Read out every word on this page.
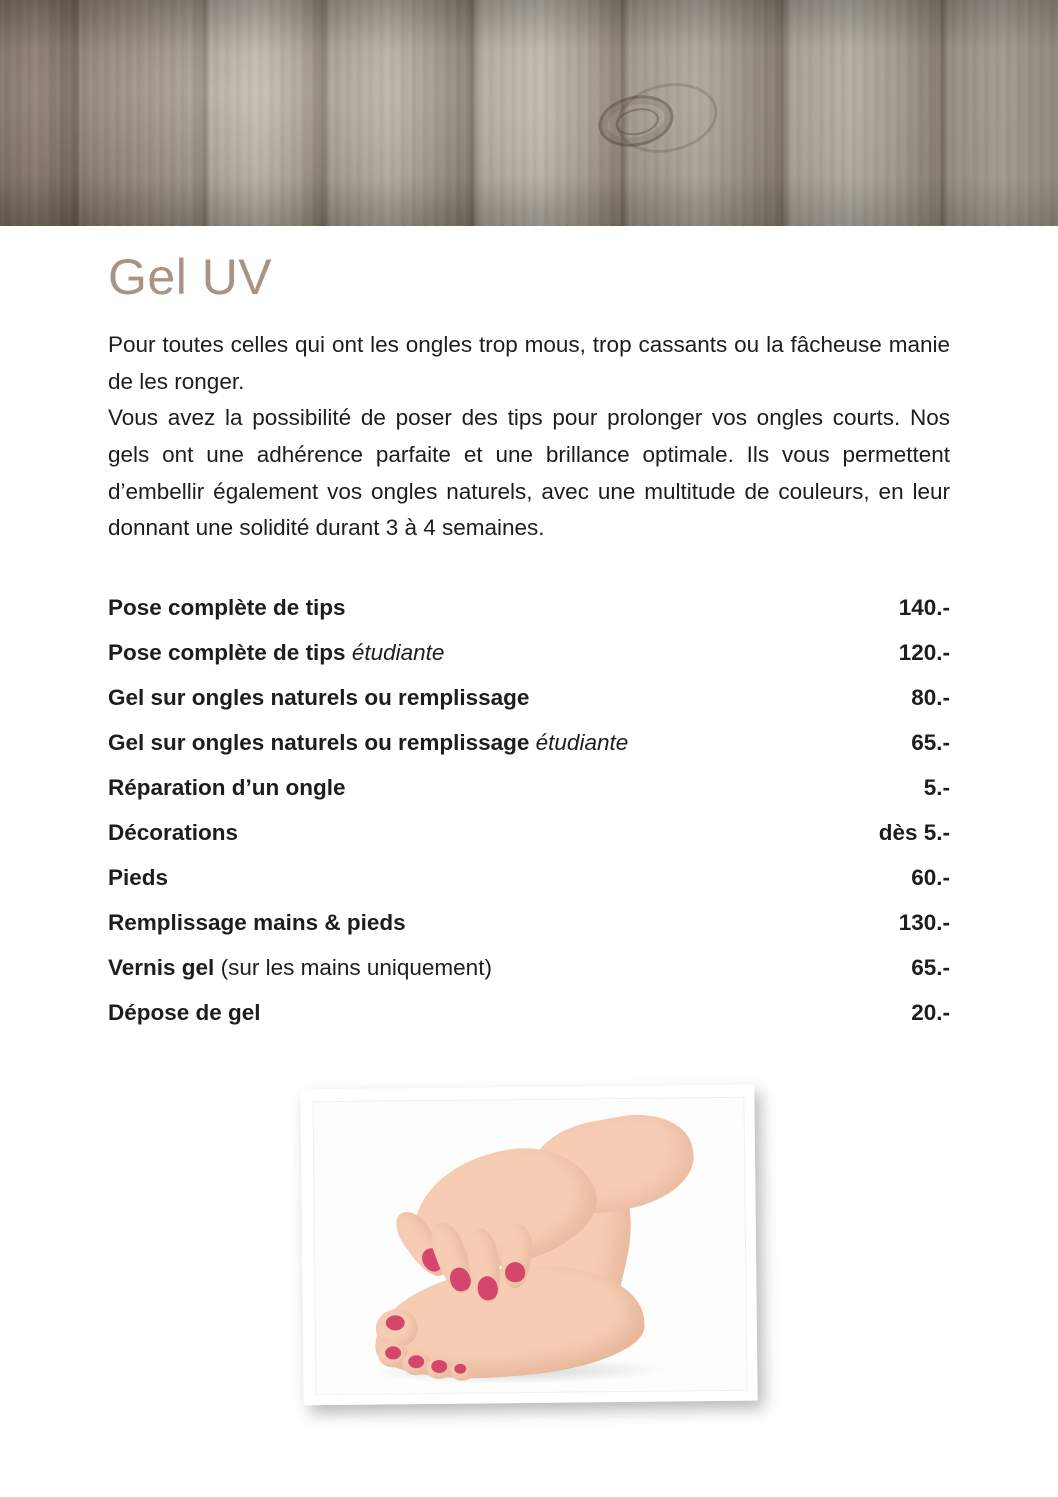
Gel UV

Pour toutes celles qui ont les ongles trop mous, trop cassants ou la fâcheuse manie de les ronger.

Vous avez la possibilité de poser des tips pour prolonger vos ongles courts. Nos gels ont une adhérence parfaite et une brillance optimale. Ils vous permettent d’embellir également vos ongles naturels, avec une multitude de couleurs, en leur donnant une solidité durant 3 à 4 semaines.

Pose complète de tips	140.-
Pose complète de tips étudiante	120.-
Gel sur ongles naturels ou remplissage	80.-
Gel sur ongles naturels ou remplissage étudiante	65.-
Réparation d’un ongle	5.-
Décorations	dès 5.-
Pieds	60.-
Remplissage mains & pieds	130.-
Vernis gel (sur les mains uniquement)	65.-
Dépose de gel	20.-
